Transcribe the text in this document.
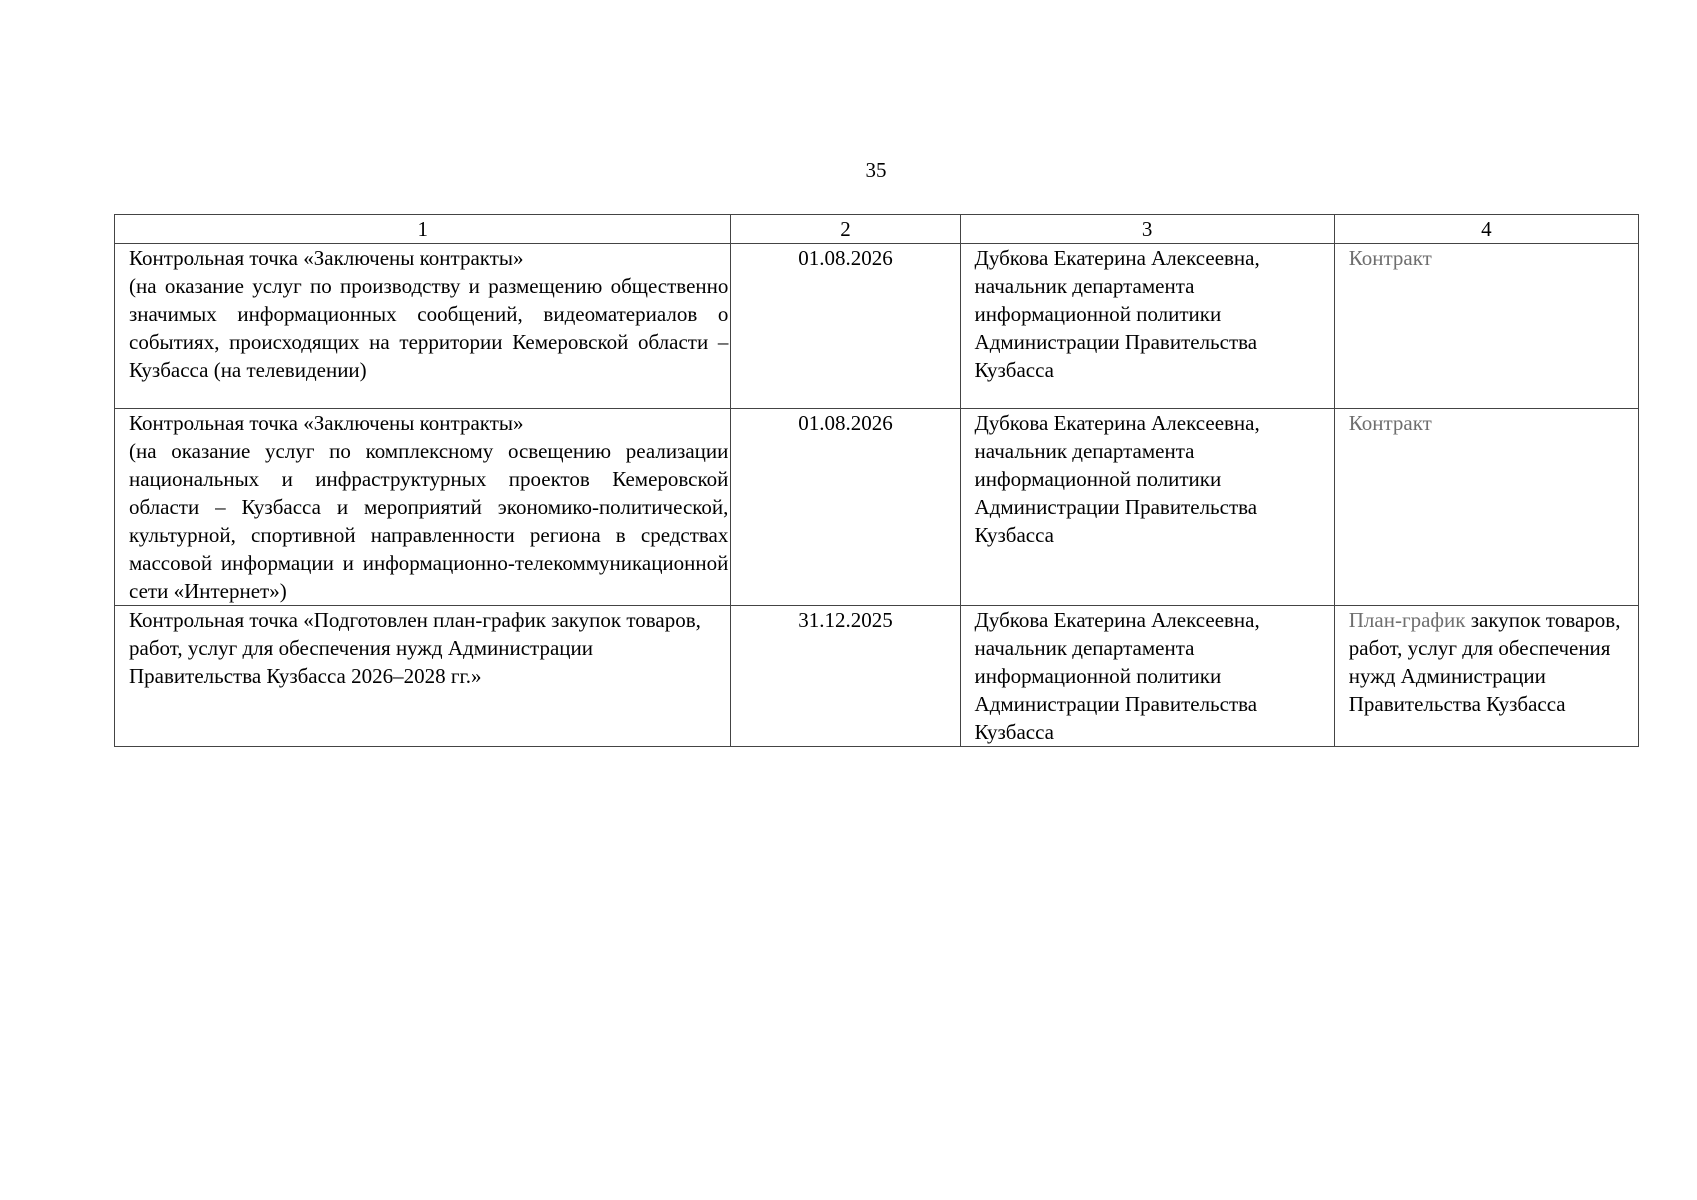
35
1	2	3	4

Контрольная точка «Заключены контракты»
(на оказание услуг по производству и размещению общественно значимых информационных сообщений, видеоматериалов о событиях, происходящих на территории Кемеровской области – Кузбасса (на телевидении)	01.08.2026	Дубкова Екатерина Алексеевна, начальник департамента информационной политики Администрации Правительства Кузбасса	Контракт

Контрольная точка «Заключены контракты»
(на оказание услуг по комплексному освещению реализации национальных и инфраструктурных проектов Кемеровской области – Кузбасса и мероприятий экономико-политической, культурной, спортивной направленности региона в средствах массовой информации и информационно-телекоммуникационной сети «Интернет»)	01.08.2026	Дубкова Екатерина Алексеевна, начальник департамента информационной политики Администрации Правительства Кузбасса	Контракт

Контрольная точка «Подготовлен план-график закупок товаров, работ, услуг для обеспечения нужд Администрации Правительства Кузбасса 2026–2028 гг.»	31.12.2025	Дубкова Екатерина Алексеевна, начальник департамента информационной политики Администрации Правительства Кузбасса	План-график закупок товаров, работ, услуг для обеспечения нужд Администрации Правительства Кузбасса
